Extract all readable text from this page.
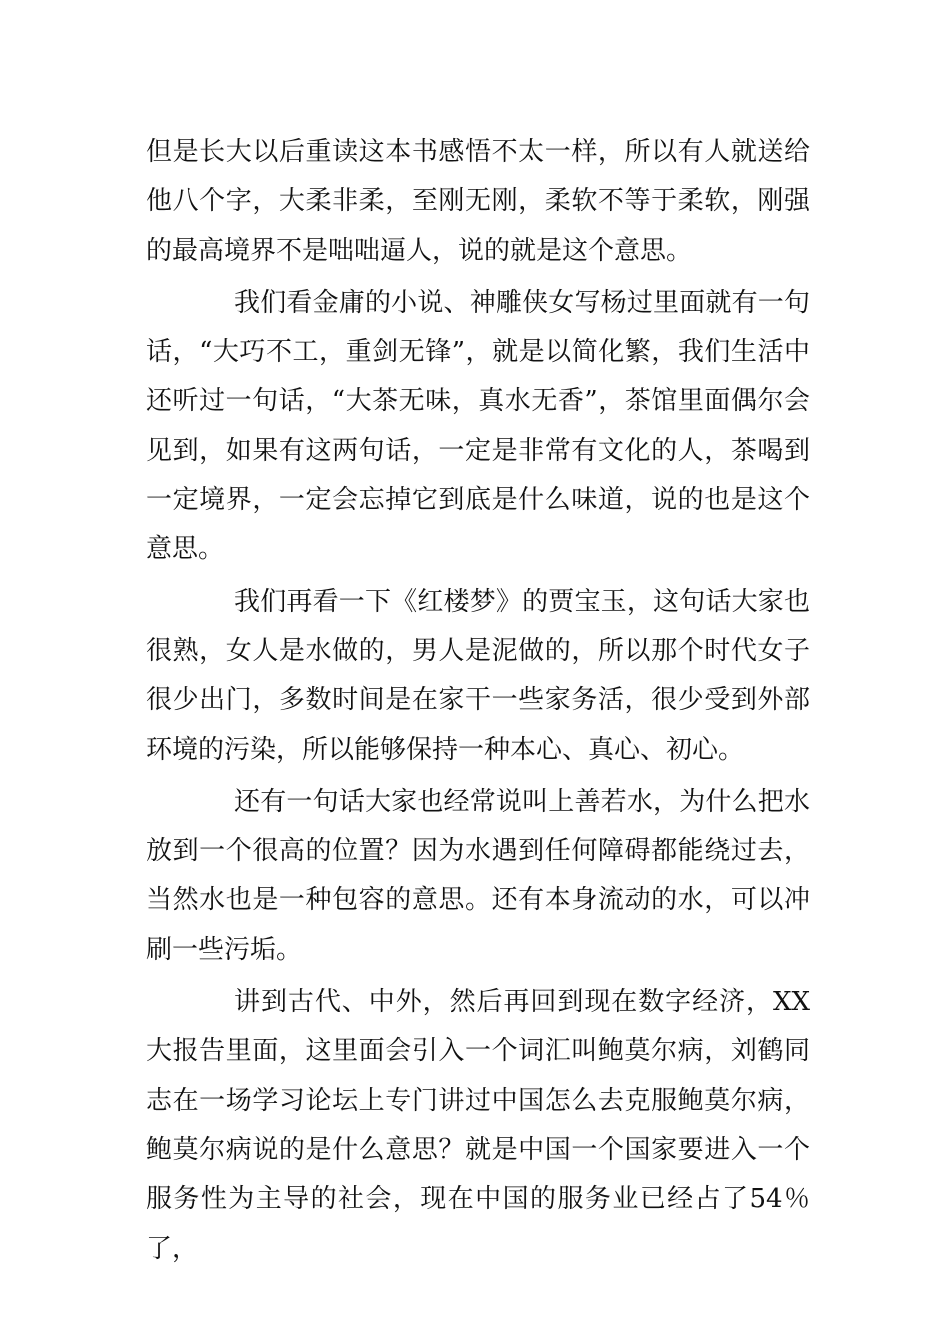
但是长大以后重读这本书感悟不太一样，所以有人就送给他八个字，大柔非柔，至刚无刚，柔软不等于柔软，刚强的最高境界不是咄咄逼人，说的就是这个意思。

我们看金庸的小说、神雕侠女写杨过里面就有一句话，“大巧不工，重剑无锋”，就是以简化繁，我们生活中还听过一句话，“大茶无味，真水无香”，茶馆里面偶尔会见到，如果有这两句话，一定是非常有文化的人，茶喝到一定境界，一定会忘掉它到底是什么味道，说的也是这个意思。

我们再看一下《红楼梦》的贾宝玉，这句话大家也很熟，女人是水做的，男人是泥做的，所以那个时代女子很少出门，多数时间是在家干一些家务活，很少受到外部环境的污染，所以能够保持一种本心、真心、初心。

还有一句话大家也经常说叫上善若水，为什么把水放到一个很高的位置？因为水遇到任何障碍都能绕过去，当然水也是一种包容的意思。还有本身流动的水，可以冲刷一些污垢。

讲到古代、中外，然后再回到现在数字经济，XX大报告里面，这里面会引入一个词汇叫鲍莫尔病，刘鹤同志在一场学习论坛上专门讲过中国怎么去克服鲍莫尔病，鲍莫尔病说的是什么意思？就是中国一个国家要进入一个服务性为主导的社会，现在中国的服务业已经占了54％了，
